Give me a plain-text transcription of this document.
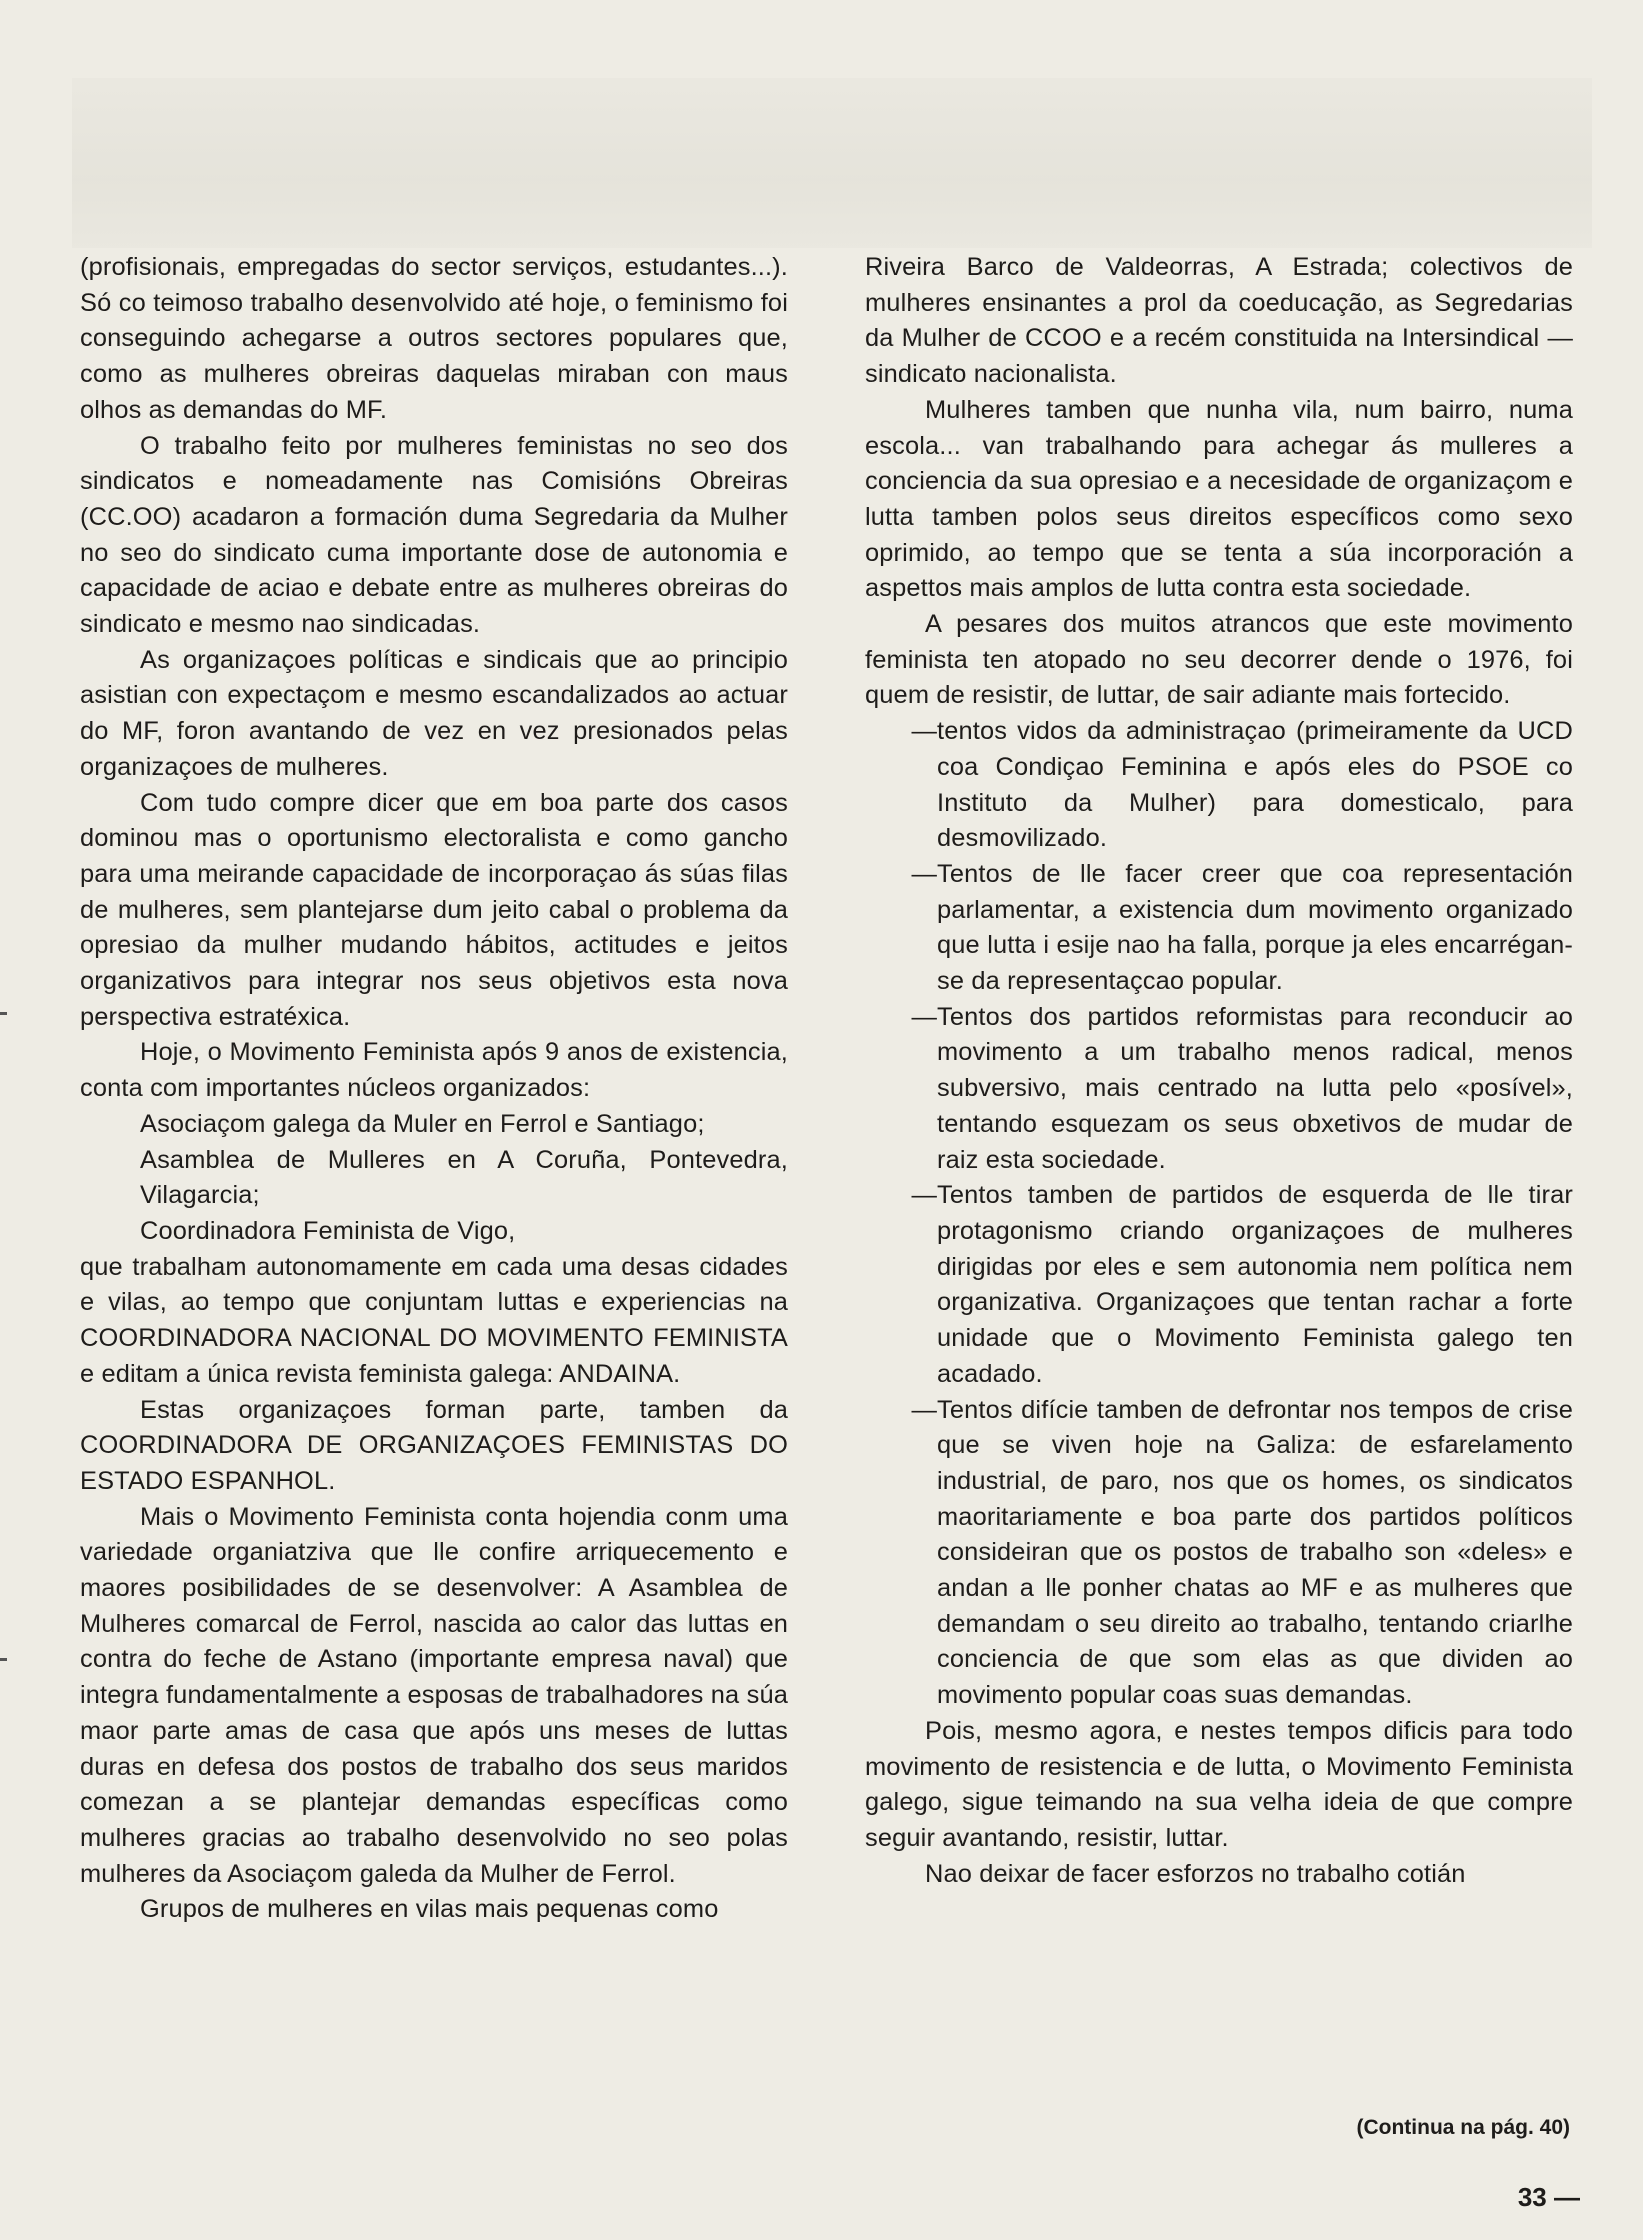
(profisionais, empregadas do sector serviços, estudantes...). Só co teimoso trabalho desenvolvido até hoje, o feminismo foi conseguindo achegarse a outros sectores populares que, como as mulheres obreiras daquelas miraban con maus olhos as demandas do MF.

O trabalho feito por mulheres feministas no seo dos sindicatos e nomeadamente nas Comisións Obreiras (CC.OO) acadaron a formación duma Segredaria da Mulher no seo do sindicato cuma importante dose de autonomia e capacidade de aciao e debate entre as mulheres obreiras do sindicato e mesmo nao sindicadas.

As organizaçoes políticas e sindicais que ao principio asistian con expectaçom e mesmo escandalizados ao actuar do MF, foron avantando de vez en vez presionados pelas organizaçoes de mulheres.

Com tudo compre dicer que em boa parte dos casos dominou mas o oportunismo electoralista e como gancho para uma meirande capacidade de incorporaçao ás súas filas de mulheres, sem plantejarse dum jeito cabal o problema da opresiao da mulher mudando hábitos, actitudes e jeitos organizativos para integrar nos seus objetivos esta nova perspectiva estratéxica.

Hoje, o Movimento Feminista após 9 anos de existencia, conta com importantes núcleos organizados:

Asociaçom galega da Muler en Ferrol e Santiago;

Asamblea de Mulleres en A Coruña, Pontevedra, Vilagarcia;

Coordinadora Feminista de Vigo,

que trabalham autonomamente em cada uma desas cidades e vilas, ao tempo que conjuntam luttas e experiencias na COORDINADORA NACIONAL DO MOVIMENTO FEMINISTA e editam a única revista feminista galega: ANDAINA.

Estas organizaçoes forman parte, tamben da COORDINADORA DE ORGANIZAÇOES FEMINISTAS DO ESTADO ESPANHOL.

Mais o Movimento Feminista conta hojendia conm uma variedade organiatziva que lle confire arriquecemento e maores posibilidades de se desenvolver: A Asamblea de Mulheres comarcal de Ferrol, nascida ao calor das luttas en contra do feche de Astano (importante empresa naval) que integra fundamentalmente a esposas de trabalhadores na súa maor parte amas de casa que após uns meses de luttas duras en defesa dos postos de trabalho dos seus maridos comezan a se plantejar demandas específicas como mulheres gracias ao trabalho desenvolvido no seo polas mulheres da Asociaçom galeda da Mulher de Ferrol.

Grupos de mulheres en vilas mais pequenas como

Riveira Barco de Valdeorras, A Estrada; colectivos de mulheres ensinantes a prol da coeducação, as Segredarias da Mulher de CCOO e a recém constituida na Intersindical — sindicato nacionalista.

Mulheres tamben que nunha vila, num bairro, numa escola... van trabalhando para achegar ás mulleres a conciencia da sua opresiao e a necesidade de organizaçom e lutta tamben polos seus direitos específicos como sexo oprimido, ao tempo que se tenta a súa incorporación a aspettos mais amplos de lutta contra esta sociedade.

A pesares dos muitos atrancos que este movimento feminista ten atopado no seu decorrer dende o 1976, foi quem de resistir, de luttar, de sair adiante mais fortecido.

— tentos vidos da administraçao (primeiramente da UCD coa Condiçao Feminina e após eles do PSOE co Instituto da Mulher) para domesticalo, para desmovilizado.
— Tentos de lle facer creer que coa representación parlamentar, a existencia dum movimento organizado que lutta i esije nao ha falla, porque ja eles encarrégan-se da representaçcao popular.
— Tentos dos partidos reformistas para reconducir ao movimento a um trabalho menos radical, menos subversivo, mais centrado na lutta pelo «posível», tentando esquezam os seus obxetivos de mudar de raiz esta sociedade.
— Tentos tamben de partidos de esquerda de lle tirar protagonismo criando organizaçoes de mulheres dirigidas por eles e sem autonomia nem política nem organizativa. Organizaçoes que tentan rachar a forte unidade que o Movimento Feminista galego ten acadado.
— Tentos difície tamben de defrontar nos tempos de crise que se viven hoje na Galiza: de esfarelamento industrial, de paro, nos que os homes, os sindicatos maoritariamente e boa parte dos partidos políticos consideiran que os postos de trabalho son «deles» e andan a lle ponher chatas ao MF e as mulheres que demandam o seu direito ao trabalho, tentando criarlhe conciencia de que som elas as que dividen ao movimento popular coas suas demandas.

Pois, mesmo agora, e nestes tempos dificis para todo movimento de resistencia e de lutta, o Movimento Feminista galego, sigue teimando na sua velha ideia de que compre seguir avantando, resistir, luttar.

Nao deixar de facer esforzos no trabalho cotián

(Continua na pág. 40)
33 —
